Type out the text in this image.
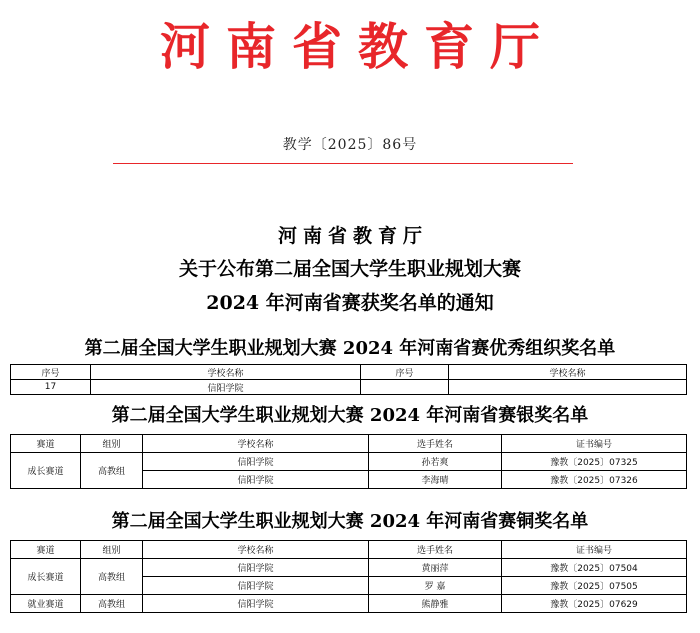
河南省教育厅
教学〔2025〕86号
河南省教育厅
关于公布第二届全国大学生职业规划大赛
2024 年河南省赛获奖名单的通知
第二届全国大学生职业规划大赛 2024 年河南省赛优秀组织奖名单
序号	学校名称	序号	学校名称
17	信阳学院		
第二届全国大学生职业规划大赛 2024 年河南省赛银奖名单
赛道	组别	学校名称	选手姓名	证书编号
成长赛道	高教组	信阳学院	孙若爽	豫教〔2025〕07325
		信阳学院	李海晴	豫教〔2025〕07326
第二届全国大学生职业规划大赛 2024 年河南省赛铜奖名单
赛道	组别	学校名称	选手姓名	证书编号
成长赛道	高教组	信阳学院	黄丽萍	豫教〔2025〕07504
		信阳学院	罗 嘉	豫教〔2025〕07505
就业赛道	高教组	信阳学院	熊静雅	豫教〔2025〕07629
